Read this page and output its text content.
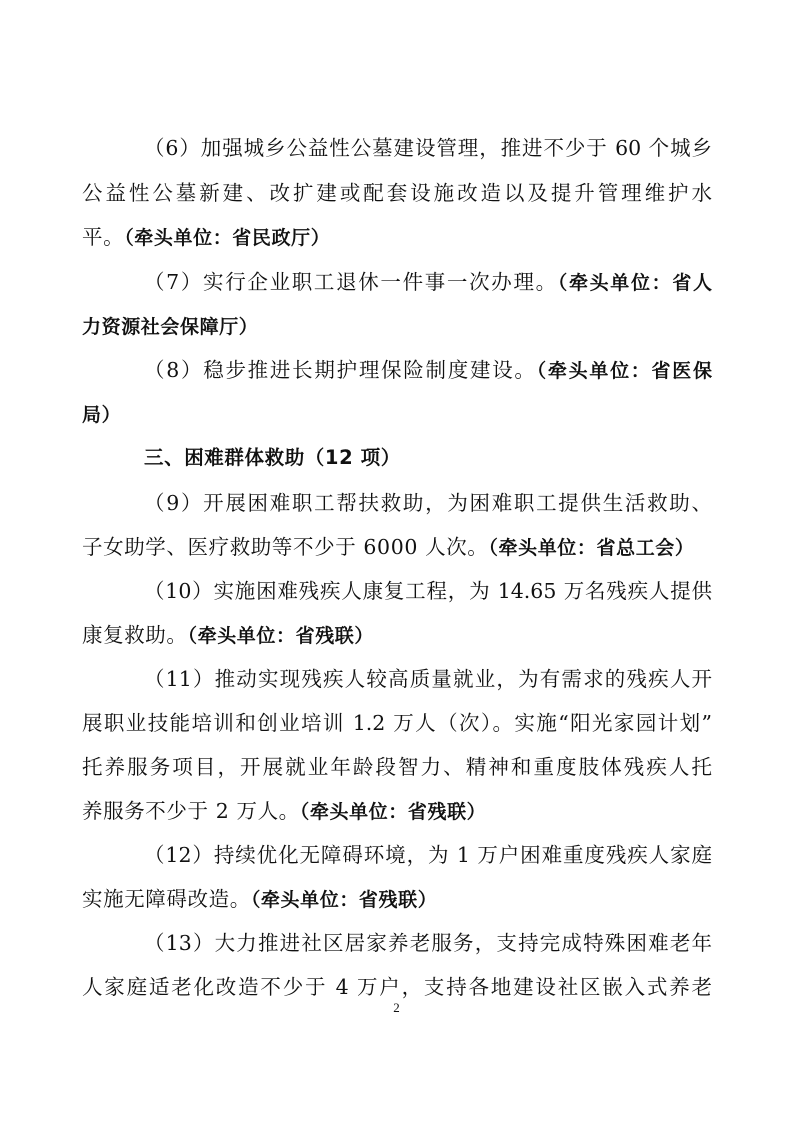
（6）加强城乡公益性公墓建设管理，推进不少于 60 个城乡
公益性公墓新建、改扩建或配套设施改造以及提升管理维护水
平。（牵头单位：省民政厅）
（7）实行企业职工退休一件事一次办理。（牵头单位：省人
力资源社会保障厅）
（8）稳步推进长期护理保险制度建设。（牵头单位：省医保
局）
三、困难群体救助（12 项）
（9）开展困难职工帮扶救助，为困难职工提供生活救助、
子女助学、医疗救助等不少于 6000 人次。（牵头单位：省总工会）
（10）实施困难残疾人康复工程，为 14.65 万名残疾人提供
康复救助。（牵头单位：省残联）
（11）推动实现残疾人较高质量就业，为有需求的残疾人开
展职业技能培训和创业培训 1.2 万人（次）。实施“阳光家园计划”
托养服务项目，开展就业年龄段智力、精神和重度肢体残疾人托
养服务不少于 2 万人。（牵头单位：省残联）
（12）持续优化无障碍环境，为 1 万户困难重度残疾人家庭
实施无障碍改造。（牵头单位：省残联）
（13）大力推进社区居家养老服务，支持完成特殊困难老年
人家庭适老化改造不少于 4 万户，支持各地建设社区嵌入式养老
2
